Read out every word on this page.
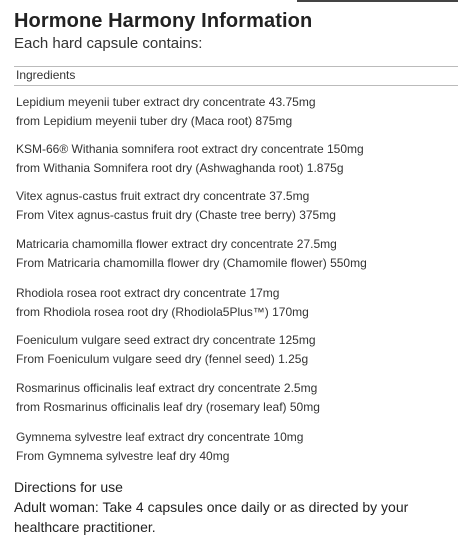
Hormone Harmony Information
Each hard capsule contains:
Ingredients
Lepidium meyenii tuber extract dry concentrate 43.75mg
from Lepidium meyenii tuber dry (Maca root) 875mg
KSM-66® Withania somnifera root extract dry concentrate 150mg
from Withania Somnifera root dry (Ashwaghanda root) 1.875g
Vitex agnus-castus fruit extract dry concentrate 37.5mg
From Vitex agnus-castus fruit dry (Chaste tree berry) 375mg
Matricaria chamomilla flower extract dry concentrate 27.5mg
From Matricaria chamomilla flower dry (Chamomile flower) 550mg
Rhodiola rosea root extract dry concentrate 17mg
from Rhodiola rosea root dry (Rhodiola5Plus™) 170mg
Foeniculum vulgare seed extract dry concentrate 125mg
From Foeniculum vulgare seed dry (fennel seed) 1.25g
Rosmarinus officinalis leaf extract dry concentrate 2.5mg
from Rosmarinus officinalis leaf dry (rosemary leaf) 50mg
Gymnema sylvestre leaf extract dry concentrate 10mg
From Gymnema sylvestre leaf dry 40mg
Directions for use
Adult woman: Take 4 capsules once daily or as directed by your healthcare practitioner.
